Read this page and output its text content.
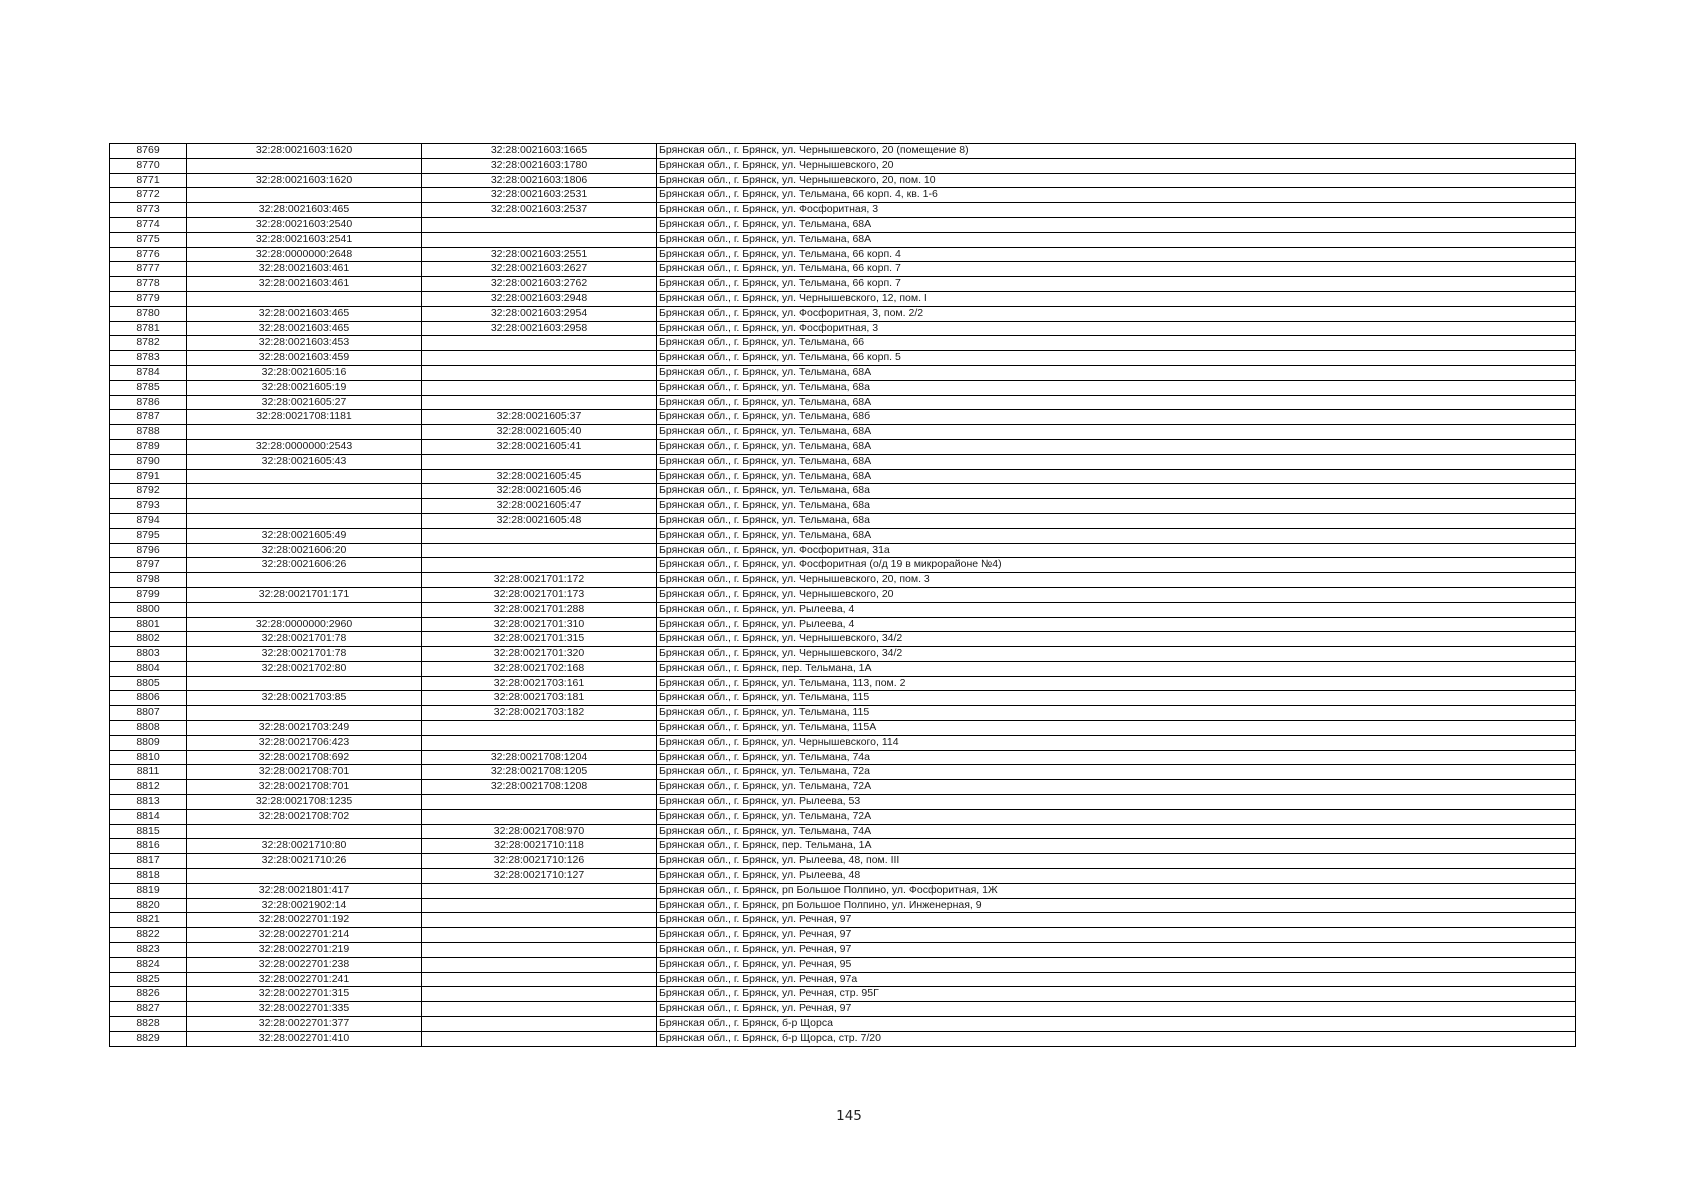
8769	32:28:0021603:1620	32:28:0021603:1665	Брянская обл., г. Брянск, ул. Чернышевского, 20 (помещение 8)
8770		32:28:0021603:1780	Брянская обл., г. Брянск, ул. Чернышевского, 20
8771	32:28:0021603:1620	32:28:0021603:1806	Брянская обл., г. Брянск, ул. Чернышевского, 20, пом. 10
8772		32:28:0021603:2531	Брянская обл., г. Брянск, ул. Тельмана, 66 корп. 4, кв. 1-6
8773	32:28:0021603:465	32:28:0021603:2537	Брянская обл., г. Брянск, ул. Фосфоритная, 3
8774	32:28:0021603:2540		Брянская обл., г. Брянск, ул. Тельмана, 68А
8775	32:28:0021603:2541		Брянская обл., г. Брянск, ул. Тельмана, 68А
8776	32:28:0000000:2648	32:28:0021603:2551	Брянская обл., г. Брянск, ул. Тельмана, 66 корп. 4
8777	32:28:0021603:461	32:28:0021603:2627	Брянская обл., г. Брянск, ул. Тельмана, 66 корп. 7
8778	32:28:0021603:461	32:28:0021603:2762	Брянская обл., г. Брянск, ул. Тельмана, 66 корп. 7
8779		32:28:0021603:2948	Брянская обл., г. Брянск, ул. Чернышевского, 12, пом. I
8780	32:28:0021603:465	32:28:0021603:2954	Брянская обл., г. Брянск, ул. Фосфоритная, 3, пом. 2/2
8781	32:28:0021603:465	32:28:0021603:2958	Брянская обл., г. Брянск, ул. Фосфоритная, 3
8782	32:28:0021603:453		Брянская обл., г. Брянск, ул. Тельмана, 66
8783	32:28:0021603:459		Брянская обл., г. Брянск, ул. Тельмана, 66 корп. 5
8784	32:28:0021605:16		Брянская обл., г. Брянск, ул. Тельмана, 68А
8785	32:28:0021605:19		Брянская обл., г. Брянск, ул. Тельмана, 68а
8786	32:28:0021605:27		Брянская обл., г. Брянск, ул. Тельмана, 68А
8787	32:28:0021708:1181	32:28:0021605:37	Брянская обл., г. Брянск, ул. Тельмана, 68б
8788		32:28:0021605:40	Брянская обл., г. Брянск, ул. Тельмана, 68А
8789	32:28:0000000:2543	32:28:0021605:41	Брянская обл., г. Брянск, ул. Тельмана, 68А
8790	32:28:0021605:43		Брянская обл., г. Брянск, ул. Тельмана, 68А
8791		32:28:0021605:45	Брянская обл., г. Брянск, ул. Тельмана, 68А
8792		32:28:0021605:46	Брянская обл., г. Брянск, ул. Тельмана, 68а
8793		32:28:0021605:47	Брянская обл., г. Брянск, ул. Тельмана, 68а
8794		32:28:0021605:48	Брянская обл., г. Брянск, ул. Тельмана, 68а
8795	32:28:0021605:49		Брянская обл., г. Брянск, ул. Тельмана, 68А
8796	32:28:0021606:20		Брянская обл., г. Брянск, ул. Фосфоритная, 31а
8797	32:28:0021606:26		Брянская обл., г. Брянск, ул. Фосфоритная (о/д 19 в микрорайоне №4)
8798		32:28:0021701:172	Брянская обл., г. Брянск, ул. Чернышевского, 20, пом. 3
8799	32:28:0021701:171	32:28:0021701:173	Брянская обл., г. Брянск, ул. Чернышевского, 20
8800		32:28:0021701:288	Брянская обл., г. Брянск, ул. Рылеева, 4
8801	32:28:0000000:2960	32:28:0021701:310	Брянская обл., г. Брянск, ул. Рылеева, 4
8802	32:28:0021701:78	32:28:0021701:315	Брянская обл., г. Брянск, ул. Чернышевского, 34/2
8803	32:28:0021701:78	32:28:0021701:320	Брянская обл., г. Брянск, ул. Чернышевского, 34/2
8804	32:28:0021702:80	32:28:0021702:168	Брянская обл., г. Брянск, пер. Тельмана, 1А
8805		32:28:0021703:161	Брянская обл., г. Брянск, ул. Тельмана, 113, пом. 2
8806	32:28:0021703:85	32:28:0021703:181	Брянская обл., г. Брянск, ул. Тельмана, 115
8807		32:28:0021703:182	Брянская обл., г. Брянск, ул. Тельмана, 115
8808	32:28:0021703:249		Брянская обл., г. Брянск, ул. Тельмана, 115А
8809	32:28:0021706:423		Брянская обл., г. Брянск, ул. Чернышевского, 114
8810	32:28:0021708:692	32:28:0021708:1204	Брянская обл., г. Брянск, ул. Тельмана, 74а
8811	32:28:0021708:701	32:28:0021708:1205	Брянская обл., г. Брянск, ул. Тельмана, 72а
8812	32:28:0021708:701	32:28:0021708:1208	Брянская обл., г. Брянск, ул. Тельмана, 72А
8813	32:28:0021708:1235		Брянская обл., г. Брянск, ул. Рылеева, 53
8814	32:28:0021708:702		Брянская обл., г. Брянск, ул. Тельмана, 72А
8815		32:28:0021708:970	Брянская обл., г. Брянск, ул. Тельмана, 74А
8816	32:28:0021710:80	32:28:0021710:118	Брянская обл., г. Брянск, пер. Тельмана, 1А
8817	32:28:0021710:26	32:28:0021710:126	Брянская обл., г. Брянск, ул. Рылеева, 48, пом. III
8818		32:28:0021710:127	Брянская обл., г. Брянск, ул. Рылеева, 48
8819	32:28:0021801:417		Брянская обл., г. Брянск, рп Большое Полпино, ул. Фосфоритная, 1Ж
8820	32:28:0021902:14		Брянская обл., г. Брянск, рп Большое Полпино, ул. Инженерная, 9
8821	32:28:0022701:192		Брянская обл., г. Брянск, ул. Речная, 97
8822	32:28:0022701:214		Брянская обл., г. Брянск, ул. Речная, 97
8823	32:28:0022701:219		Брянская обл., г. Брянск, ул. Речная, 97
8824	32:28:0022701:238		Брянская обл., г. Брянск, ул. Речная, 95
8825	32:28:0022701:241		Брянская обл., г. Брянск, ул. Речная, 97а
8826	32:28:0022701:315		Брянская обл., г. Брянск, ул. Речная, стр. 95Г
8827	32:28:0022701:335		Брянская обл., г. Брянск, ул. Речная, 97
8828	32:28:0022701:377		Брянская обл., г. Брянск, б-р Щорса
8829	32:28:0022701:410		Брянская обл., г. Брянск, б-р Щорса, стр. 7/20
145
